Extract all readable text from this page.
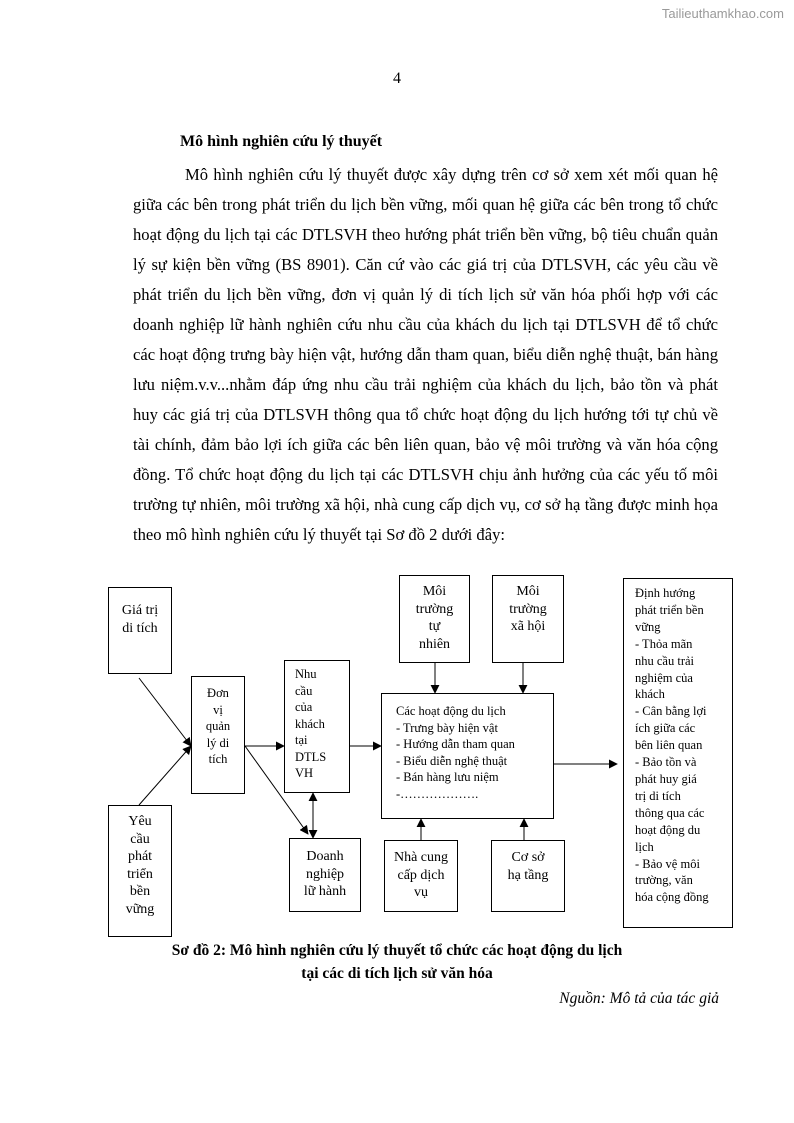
Tailieuthamkhao.com
4
Mô hình nghiên cứu lý thuyết

Mô hình nghiên cứu lý thuyết được xây dựng trên cơ sở xem xét mối quan hệ giữa các bên trong phát triển du lịch bền vững, mối quan hệ giữa các bên trong tổ chức hoạt động du lịch tại các DTLSVH theo hướng phát triển bền vững, bộ tiêu chuẩn quản lý sự kiện bền vững (BS 8901). Căn cứ vào các giá trị của DTLSVH, các yêu cầu về phát triển du lịch bền vững, đơn vị quản lý di tích lịch sử văn hóa phối hợp với các doanh nghiệp lữ hành nghiên cứu nhu cầu của khách du lịch tại DTLSVH để tổ chức các hoạt động trưng bày hiện vật, hướng dẫn tham quan, biểu diễn nghệ thuật, bán hàng lưu niệm.v.v...nhằm đáp ứng nhu cầu trải nghiệm của khách du lịch, bảo tồn và phát huy các giá trị của DTLSVH thông qua tổ chức hoạt động du lịch hướng tới tự chủ về tài chính, đảm bảo lợi ích giữa các bên liên quan, bảo vệ môi trường và văn hóa cộng đồng. Tổ chức hoạt động du lịch tại các DTLSVH chịu ảnh hưởng của các yếu tố môi trường tự nhiên, môi trường xã hội, nhà cung cấp dịch vụ, cơ sở hạ tầng được minh họa theo mô hình nghiên cứu lý thuyết tại Sơ đồ 2 dưới đây:

Giá trị
di tích
Yêu
cầu
phát
triển
bền
vững
Đơn
vị
quản
lý di
tích
Nhu
cầu
của
khách
tại
DTLS
VH
Doanh
nghiệp
lữ hành
Môi
trường
tự
nhiên
Môi
trường
xã hội
Các hoạt động du lịch
- Trưng bày hiện vật
- Hướng dẫn tham quan
- Biểu diễn nghệ thuật
- Bán hàng lưu niệm
-……………….
Nhà cung
cấp dịch
vụ
Cơ sở
hạ tầng
Định hướng
phát triển bền
vững
- Thỏa mãn
nhu cầu trải
nghiệm của
khách
- Cân bằng lợi
ích giữa các
bên liên quan
- Bảo tồn và
phát huy giá
trị di tích
thông qua các
hoạt động du
lịch
- Bảo vệ môi
trường, văn
hóa cộng đồng
Sơ đồ 2: Mô hình nghiên cứu lý thuyết tổ chức các hoạt động du lịch
tại các di tích lịch sử văn hóa
Nguồn: Mô tả của tác giả
